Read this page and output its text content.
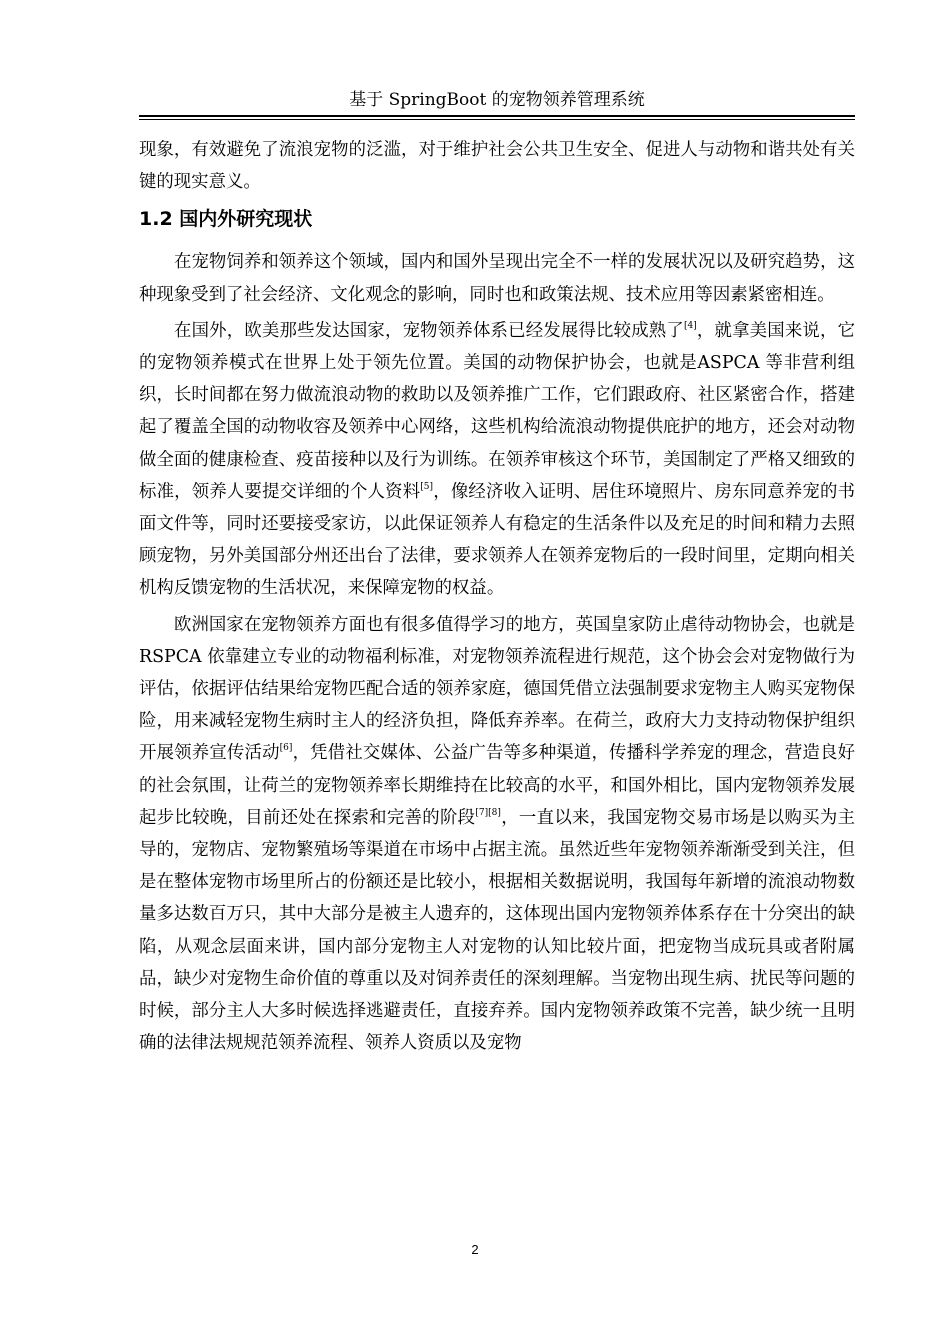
基于 SpringBoot 的宠物领养管理系统

现象，有效避免了流浪宠物的泛滥，对于维护社会公共卫生安全、促进人与动物和谐共处有关键的现实意义。

1.2 国内外研究现状

在宠物饲养和领养这个领域，国内和国外呈现出完全不一样的发展状况以及研究趋势，这种现象受到了社会经济、文化观念的影响，同时也和政策法规、技术应用等因素紧密相连。

在国外，欧美那些发达国家，宠物领养体系已经发展得比较成熟了[4]，就拿美国来说，它的宠物领养模式在世界上处于领先位置。美国的动物保护协会，也就是ASPCA 等非营利组织，长时间都在努力做流浪动物的救助以及领养推广工作，它们跟政府、社区紧密合作，搭建起了覆盖全国的动物收容及领养中心网络，这些机构给流浪动物提供庇护的地方，还会对动物做全面的健康检查、疫苗接种以及行为训练。在领养审核这个环节，美国制定了严格又细致的标准，领养人要提交详细的个人资料[5]，像经济收入证明、居住环境照片、房东同意养宠的书面文件等，同时还要接受家访，以此保证领养人有稳定的生活条件以及充足的时间和精力去照顾宠物，另外美国部分州还出台了法律，要求领养人在领养宠物后的一段时间里，定期向相关机构反馈宠物的生活状况，来保障宠物的权益。

欧洲国家在宠物领养方面也有很多值得学习的地方，英国皇家防止虐待动物协会，也就是 RSPCA 依靠建立专业的动物福利标准，对宠物领养流程进行规范，这个协会会对宠物做行为评估，依据评估结果给宠物匹配合适的领养家庭，德国凭借立法强制要求宠物主人购买宠物保险，用来减轻宠物生病时主人的经济负担，降低弃养率。在荷兰，政府大力支持动物保护组织开展领养宣传活动[6]，凭借社交媒体、公益广告等多种渠道，传播科学养宠的理念，营造良好的社会氛围，让荷兰的宠物领养率长期维持在比较高的水平，和国外相比，国内宠物领养发展起步比较晚，目前还处在探索和完善的阶段[7][8]，一直以来，我国宠物交易市场是以购买为主导的，宠物店、宠物繁殖场等渠道在市场中占据主流。虽然近些年宠物领养渐渐受到关注，但是在整体宠物市场里所占的份额还是比较小，根据相关数据说明，我国每年新增的流浪动物数量多达数百万只，其中大部分是被主人遗弃的，这体现出国内宠物领养体系存在十分突出的缺陷，从观念层面来讲，国内部分宠物主人对宠物的认知比较片面，把宠物当成玩具或者附属品，缺少对宠物生命价值的尊重以及对饲养责任的深刻理解。当宠物出现生病、扰民等问题的时候，部分主人大多时候选择逃避责任，直接弃养。国内宠物领养政策不完善，缺少统一且明确的法律法规规范领养流程、领养人资质以及宠物

2
